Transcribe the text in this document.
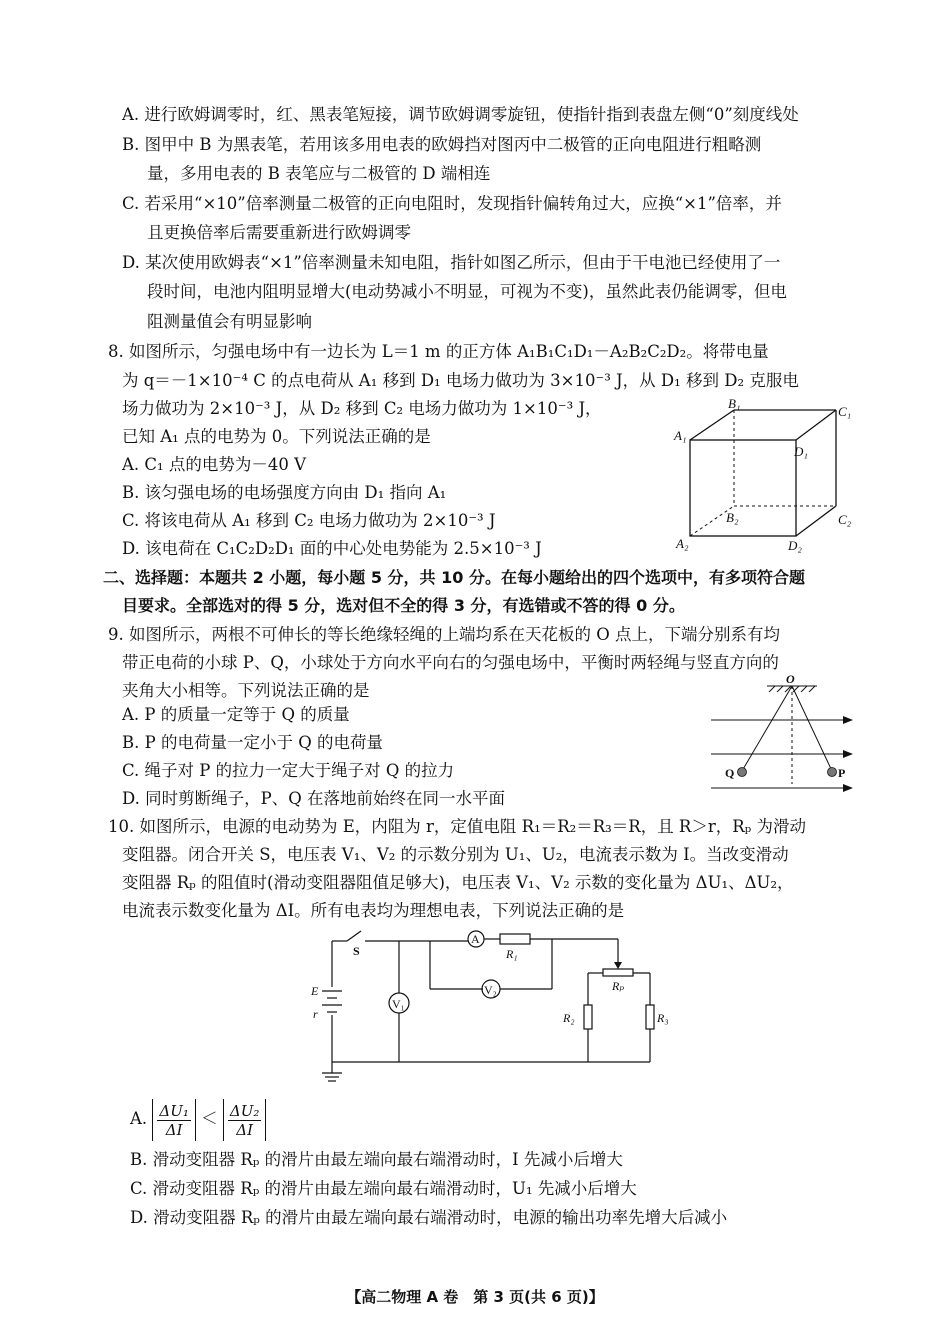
A. 进行欧姆调零时，红、黑表笔短接，调节欧姆调零旋钮，使指针指到表盘左侧“0”刻度线处
B. 图甲中 B 为黑表笔，若用该多用电表的欧姆挡对图丙中二极管的正向电阻进行粗略测
量，多用电表的 B 表笔应与二极管的 D 端相连
C. 若采用“×10”倍率测量二极管的正向电阻时，发现指针偏转角过大，应换“×1”倍率，并
且更换倍率后需要重新进行欧姆调零
D. 某次使用欧姆表“×1”倍率测量未知电阻，指针如图乙所示，但由于干电池已经使用了一
段时间，电池内阻明显增大(电动势减小不明显，可视为不变)，虽然此表仍能调零，但电
阻测量值会有明显影响
8. 如图所示，匀强电场中有一边长为 L＝1 m 的正方体 A₁B₁C₁D₁－A₂B₂C₂D₂。将带电量
为 q＝－1×10⁻⁴ C 的点电荷从 A₁ 移到 D₁ 电场力做功为 3×10⁻³ J，从 D₁ 移到 D₂ 克服电
场力做功为 2×10⁻³ J，从 D₂ 移到 C₂ 电场力做功为 1×10⁻³ J，
已知 A₁ 点的电势为 0。下列说法正确的是
A. C₁ 点的电势为－40 V
B. 该匀强电场的电场强度方向由 D₁ 指向 A₁
C. 将该电荷从 A₁ 移到 C₂ 电场力做功为 2×10⁻³ J
D. 该电荷在 C₁C₂D₂D₁ 面的中心处电势能为 2.5×10⁻³ J
A₁
B₁
C₁
D₁
A₂
B₂	C₂
D₂
二、选择题：本题共 2 小题，每小题 5 分，共 10 分。在每小题给出的四个选项中，有多项符合题
目要求。全部选对的得 5 分，选对但不全的得 3 分，有选错或不答的得 0 分。
9. 如图所示，两根不可伸长的等长绝缘轻绳的上端均系在天花板的 O 点上，下端分别系有均
带正电荷的小球 P、Q，小球处于方向水平向右的匀强电场中，平衡时两轻绳与竖直方向的
夹角大小相等。下列说法正确的是
A. P 的质量一定等于 Q 的质量
B. P 的电荷量一定小于 Q 的电荷量
C. 绳子对 P 的拉力一定大于绳子对 Q 的拉力
D. 同时剪断绳子，P、Q 在落地前始终在同一水平面
O
Q	P
10. 如图所示，电源的电动势为 E，内阻为 r，定值电阻 R₁＝R₂＝R₃＝R，且 R＞r，Rₚ 为滑动
变阻器。闭合开关 S，电压表 V₁、V₂ 的示数分别为 U₁、U₂，电流表示数为 I。当改变滑动
变阻器 Rₚ 的阻值时(滑动变阻器阻值足够大)，电压表 V₁、V₂ 示数的变化量为 ΔU₁、ΔU₂，
电流表示数变化量为 ΔI。所有电表均为理想电表，下列说法正确的是
S
E
r
A
R₁
V₁
V₂	Rₚ
R₂	R₃
A. $\frac{\text{ΔU₁}}{\Delta I} < \frac{\text{ΔU₂}}{\Delta I}$
B. 滑动变阻器 Rₚ 的滑片由最左端向最右端滑动时，I 先减小后增大
C. 滑动变阻器 Rₚ 的滑片由最左端向最右端滑动时，U₁ 先减小后增大
D. 滑动变阻器 Rₚ 的滑片由最左端向最右端滑动时，电源的输出功率先增大后减小
【高二物理 A 卷　第 3 页(共 6 页)】
